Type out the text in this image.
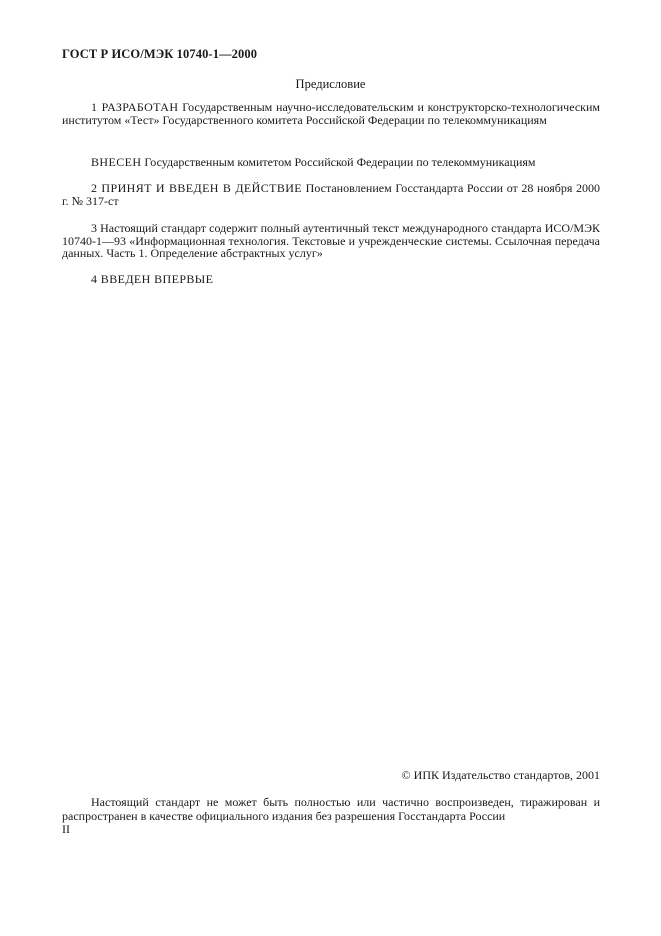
ГОСТ Р ИСО/МЭК 10740-1—2000
Предисловие

1 РАЗРАБОТАН Государственным научно-исследовательским и конструкторско-технологическим институтом «Тест» Государственного комитета Российской Федерации по телекоммуникациям

ВНЕСЕН Государственным комитетом Российской Федерации по телекоммуникациям

2 ПРИНЯТ И ВВЕДЕН В ДЕЙСТВИЕ Постановлением Госстандарта России от 28 ноября 2000 г. № 317-ст

3 Настоящий стандарт содержит полный аутентичный текст международного стандарта ИСО/МЭК 10740-1—93 «Информационная технология. Текстовые и учрежденческие системы. Ссылочная передача данных. Часть 1. Определение абстрактных услуг»

4 ВВЕДЕН ВПЕРВЫЕ

© ИПК Издательство стандартов, 2001

Настоящий стандарт не может быть полностью или частично воспроизведен, тиражирован и распространен в качестве официального издания без разрешения Госстандарта России

II
